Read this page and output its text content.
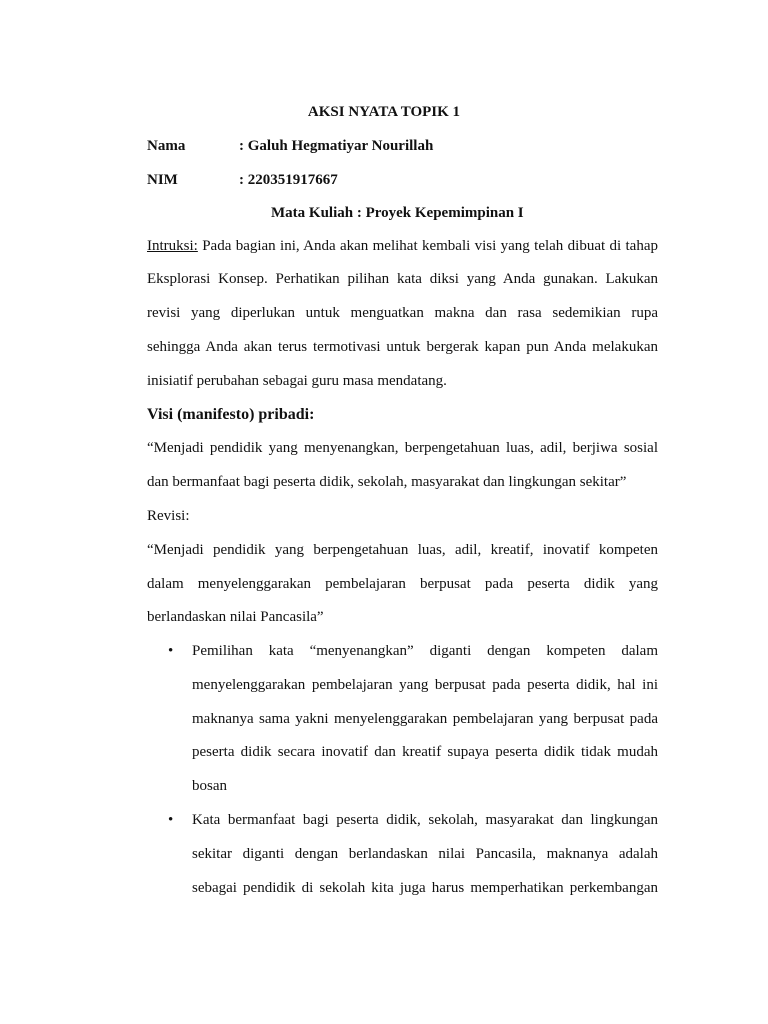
AKSI NYATA TOPIK 1
Nama	: Galuh Hegmatiyar Nourillah
NIM	: 220351917667
Mata Kuliah : Proyek Kepemimpinan I
Intruksi: Pada bagian ini, Anda akan melihat kembali visi yang telah dibuat di tahap
Eksplorasi Konsep. Perhatikan pilihan kata diksi yang Anda gunakan. Lakukan
revisi yang diperlukan untuk menguatkan makna dan rasa sedemikian rupa
sehingga Anda akan terus termotivasi untuk bergerak kapan pun Anda melakukan
inisiatif perubahan sebagai guru masa mendatang.
Visi (manifesto) pribadi:
“Menjadi pendidik yang menyenangkan, berpengetahuan luas, adil, berjiwa sosial
dan bermanfaat bagi peserta didik, sekolah, masyarakat dan lingkungan sekitar”
Revisi:
“Menjadi pendidik yang berpengetahuan luas, adil, kreatif, inovatif kompeten
dalam menyelenggarakan pembelajaran berpusat pada peserta didik yang
berlandaskan nilai Pancasila”
• Pemilihan kata “menyenangkan” diganti dengan kompeten dalam
menyelenggarakan pembelajaran yang berpusat pada peserta didik, hal ini
maknanya sama yakni menyelenggarakan pembelajaran yang berpusat pada
peserta didik secara inovatif dan kreatif supaya peserta didik tidak mudah
bosan
• Kata bermanfaat bagi peserta didik, sekolah, masyarakat dan lingkungan
sekitar diganti dengan berlandaskan nilai Pancasila, maknanya adalah
sebagai pendidik di sekolah kita juga harus memperhatikan perkembangan
